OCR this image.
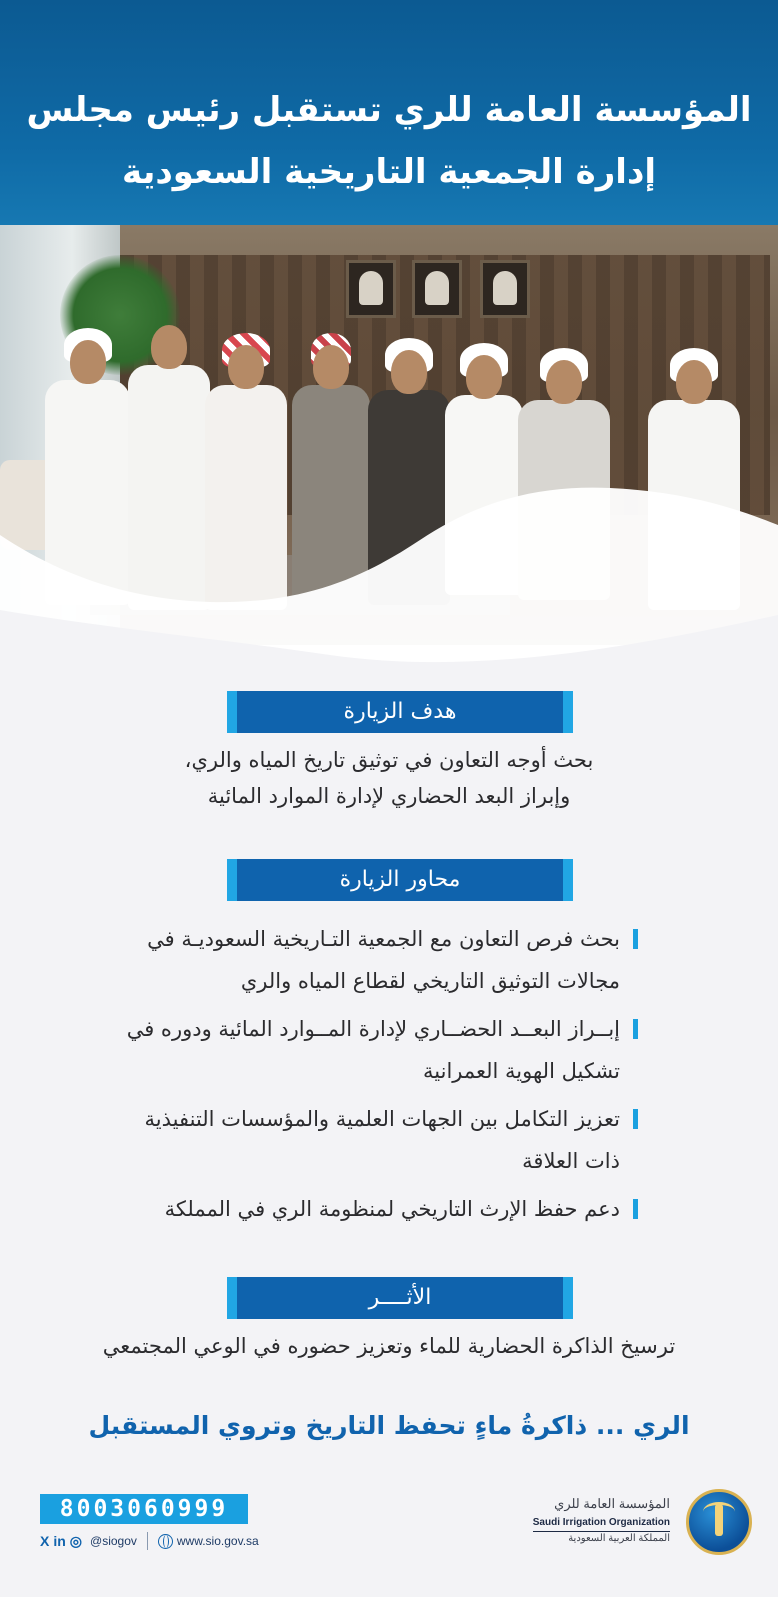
المؤسسة العامة للري تستقبل رئيس مجلس
إدارة الجمعية التاريخية السعودية
هدف الزيارة
بحث أوجه التعاون في توثيق تاريخ المياه والري،
وإبراز البعد الحضاري لإدارة الموارد المائية
محاور الزيارة
بحث فرص التعاون مع الجمعية التـاريخية السعوديـة في مجالات التوثيق التاريخي لقطاع المياه والري
إبــراز البعــد الحضــاري لإدارة المــوارد المائية ودوره في تشكيل الهوية العمرانية
تعزيز التكامل بين الجهات العلمية والمؤسسات التنفيذية ذات العلاقة
دعم حفظ الإرث التاريخي لمنظومة الري في المملكة
الأثــــر
ترسيخ الذاكرة الحضارية للماء وتعزيز حضوره في الوعي المجتمعي
الري ... ذاكرةُ ماءٍ تحفظ التاريخ وتروي المستقبل
8003060999
X in ◎ @siogov	www.sio.gov.sa
المؤسسة العامة للري
Saudi Irrigation Organization
المملكة العربية السعودية
